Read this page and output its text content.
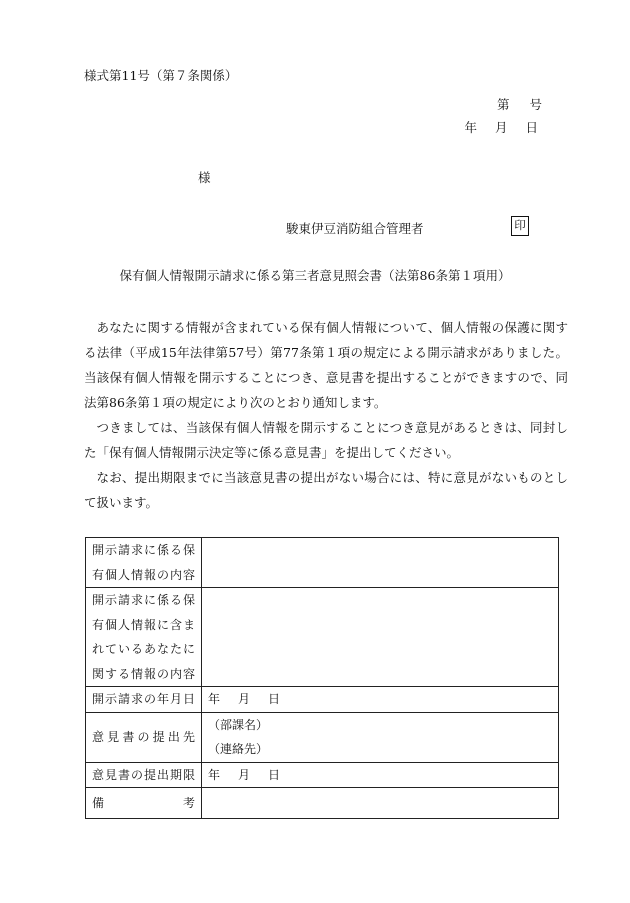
様式第11号（第７条関係）
第 号
年 月 日
様
駿東伊豆消防組合管理者	印
保有個人情報開示請求に係る第三者意見照会書（法第86条第１項用）

あなたに関する情報が含まれている保有個人情報について、個人情報の保護に関する法律（平成15年法律第57号）第77条第１項の規定による開示請求がありました。当該保有個人情報を開示することにつき、意見書を提出することができますので、同法第86条第１項の規定により次のとおり通知します。

つきましては、当該保有個人情報を開示することにつき意見があるときは、同封した「保有個人情報開示決定等に係る意見書」を提出してください。

なお、提出期限までに当該意見書の提出がない場合には、特に意見がないものとして扱います。

開示請求に係る保有個人情報の内容	
開示請求に係る保有個人情報に含まれているあなたに関する情報の内容	
開示請求の年月日	年 月 日
意見書の提出先	（部課名）
（連絡先）

意見書の提出期限	年 月 日

備 考	
